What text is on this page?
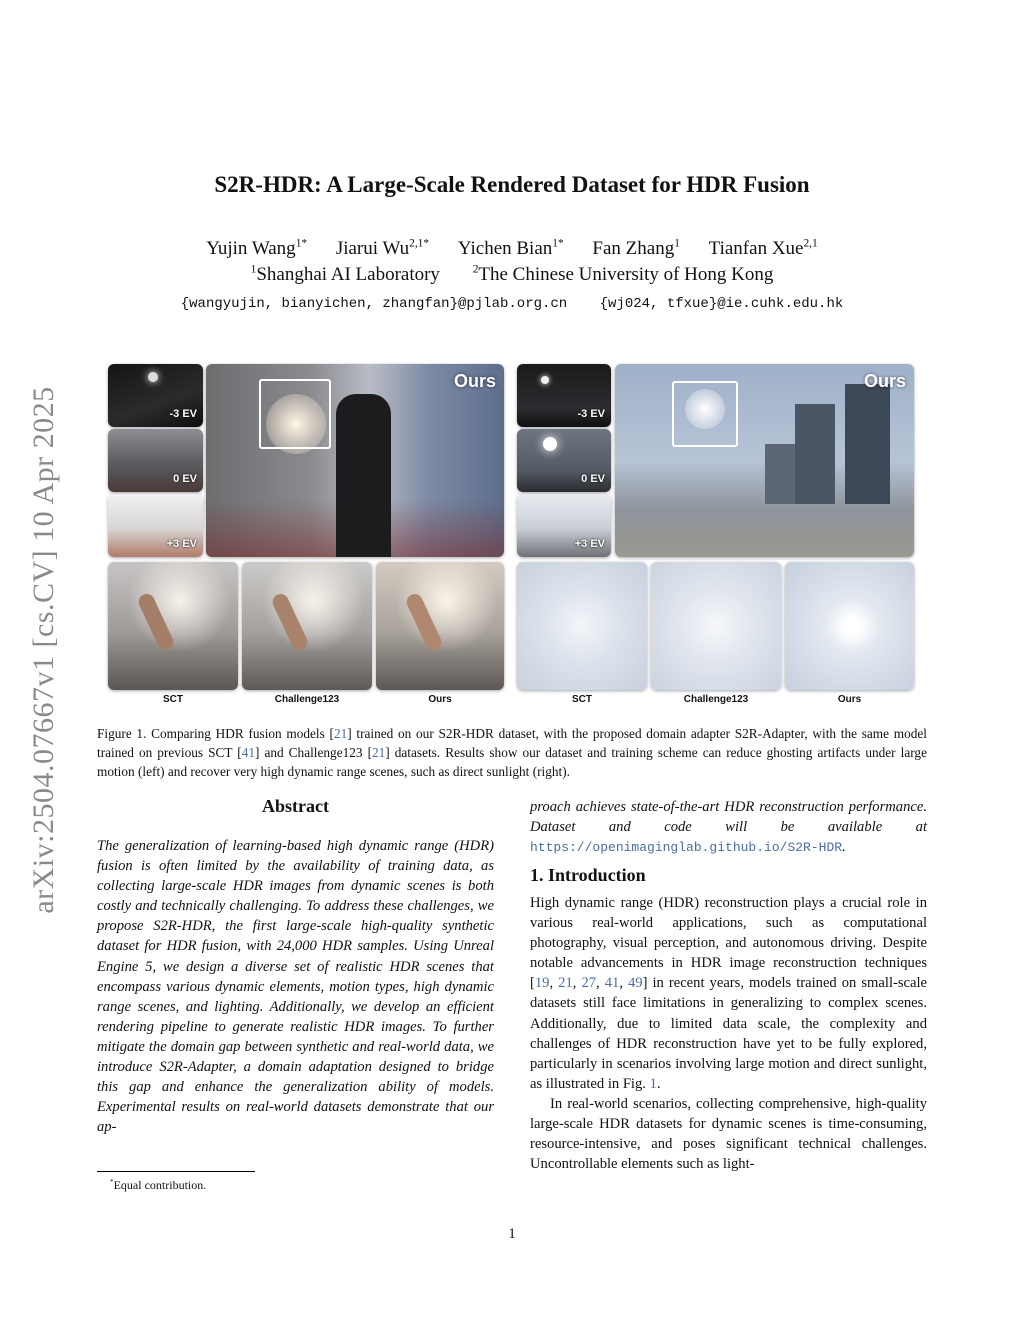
arXiv:2504.07667v1 [cs.CV] 10 Apr 2025
S2R-HDR: A Large-Scale Rendered Dataset for HDR Fusion
Yujin Wang$^{1*}$ Jiarui $Wu^{2,1*}$ Yichen Bian$^{1*}$ Fan Zhang$^1$ Tianfan Xue$^{2,1}$
$^1$Shanghai AI Laboratory	$^2$The Chinese University of Hong Kong
{wangyujin, bianyichen, zhangfan}@pjlab.org.cn {wj024, tfxue}@ie.cuhk.edu.hk
-3 EV
0 EV
+3 EV
Ours
SCT	Challenge123	Ours
-3 EV
0 EV
+3 EV
Ours
SCT	Challenge123	Ours
Figure 1. Comparing HDR fusion models [21] trained on our S2R-HDR dataset, with the proposed domain adapter S2R-Adapter, with the same model trained on previous SCT [41] and Challenge123 [21] datasets. Results show our dataset and training scheme can reduce ghosting artifacts under large motion (left) and recover very high dynamic range scenes, such as direct sunlight (right).
Abstract
The generalization of learning-based high dynamic range (HDR) fusion is often limited by the availability of training data, as collecting large-scale HDR images from dynamic scenes is both costly and technically challenging. To address these challenges, we propose S2R-HDR, the first large-scale high-quality synthetic dataset for HDR fusion, with 24,000 HDR samples. Using Unreal Engine 5, we design a diverse set of realistic HDR scenes that encompass various dynamic elements, motion types, high dynamic range scenes, and lighting. Additionally, we develop an efficient rendering pipeline to generate realistic HDR images. To further mitigate the domain gap between synthetic and real-world data, we introduce S2R-Adapter, a domain adaptation designed to bridge this gap and enhance the generalization ability of models. Experimental results on real-world datasets demonstrate that our ap-
proach achieves state-of-the-art HDR reconstruction performance. Dataset and code will be available at https://openimaginglab.github.io/S2R-HDR.
1. Introduction

High dynamic range (HDR) reconstruction plays a crucial role in various real-world applications, such as computational photography, visual perception, and autonomous driving. Despite notable advancements in HDR image reconstruction techniques [19, 21, 27, 41, 49] in recent years, models trained on small-scale datasets still face limitations in generalizing to complex scenes. Additionally, due to limited data scale, the complexity and challenges of HDR reconstruction have yet to be fully explored, particularly in scenarios involving large motion and direct sunlight, as illustrated in Fig. 1.

In real-world scenarios, collecting comprehensive, high-quality large-scale HDR datasets for dynamic scenes is time-consuming, resource-intensive, and poses significant technical challenges. Uncontrollable elements such as light-

*Equal contribution.
1
